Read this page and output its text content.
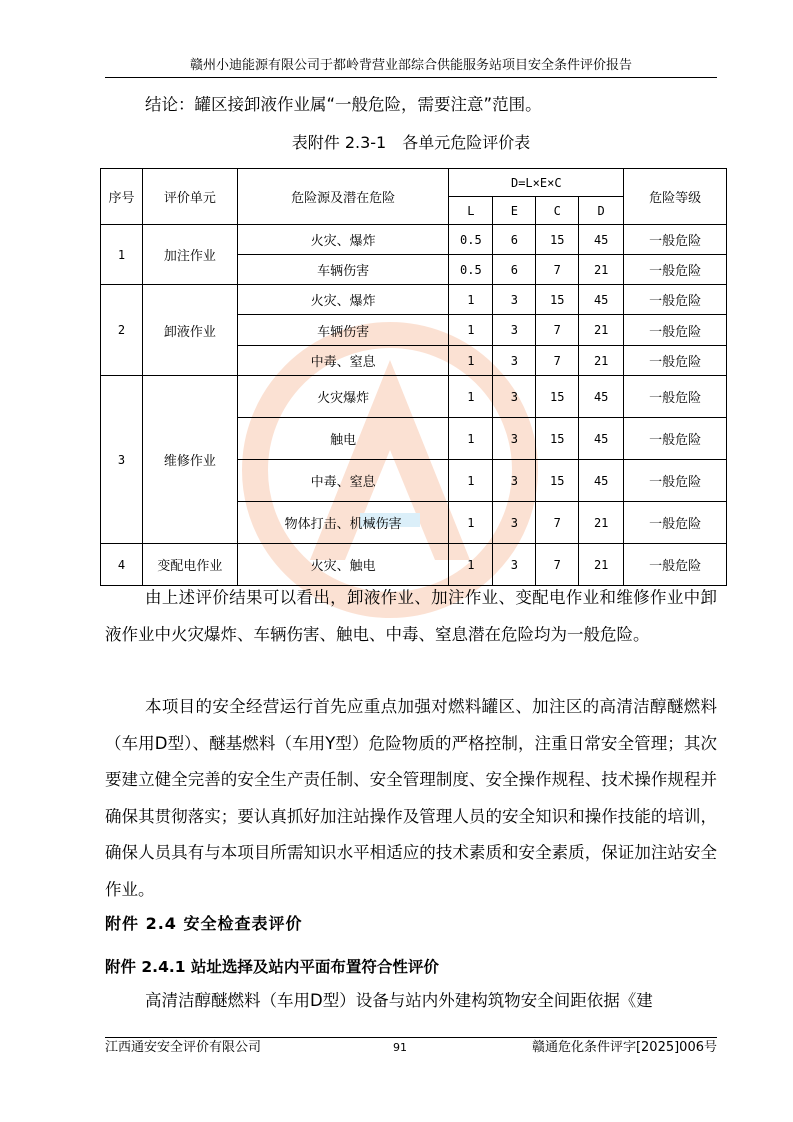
赣州小迪能源有限公司于都岭背营业部综合供能服务站项目安全条件评价报告
结论：罐区接卸液作业属“一般危险，需要注意”范围。
表附件 2.3-1　各单元危险评价表
序号	评价单元	危险源及潜在危险	D=L×E×C				危险等级
			L	E	C	D	
1	加注作业	火灾、爆炸	0.5	6	15	45	一般危险
		车辆伤害	0.5	6	7	21	一般危险
2	卸液作业	火灾、爆炸	1	3	15	45	一般危险
		车辆伤害	1	3	7	21	一般危险
		中毒、窒息	1	3	7	21	一般危险
3	维修作业	火灾爆炸	1	3	15	45	一般危险
		触电	1	3	15	45	一般危险
		中毒、窒息	1	3	15	45	一般危险
		物体打击、机械伤害	1	3	7	21	一般危险
4	变配电作业	火灾、触电	1	3	7	21	一般危险
由上述评价结果可以看出，卸液作业、加注作业、变配电作业和维修作业中卸液作业中火灾爆炸、车辆伤害、触电、中毒、窒息潜在危险均为一般危险。
本项目的安全经营运行首先应重点加强对燃料罐区、加注区的高清洁醇醚燃料（车用D型）、醚基燃料（车用Y型）危险物质的严格控制，注重日常安全管理；其次要建立健全完善的安全生产责任制、安全管理制度、安全操作规程、技术操作规程并确保其贯彻落实；要认真抓好加注站操作及管理人员的安全知识和操作技能的培训，确保人员具有与本项目所需知识水平相适应的技术素质和安全素质，保证加注站安全作业。
附件 2.4 安全检查表评价
附件 2.4.1 站址选择及站内平面布置符合性评价
高清洁醇醚燃料（车用D型）设备与站内外建构筑物安全间距依据《建
江西通安安全评价有限公司	91	赣通危化条件评字[2025]006号
